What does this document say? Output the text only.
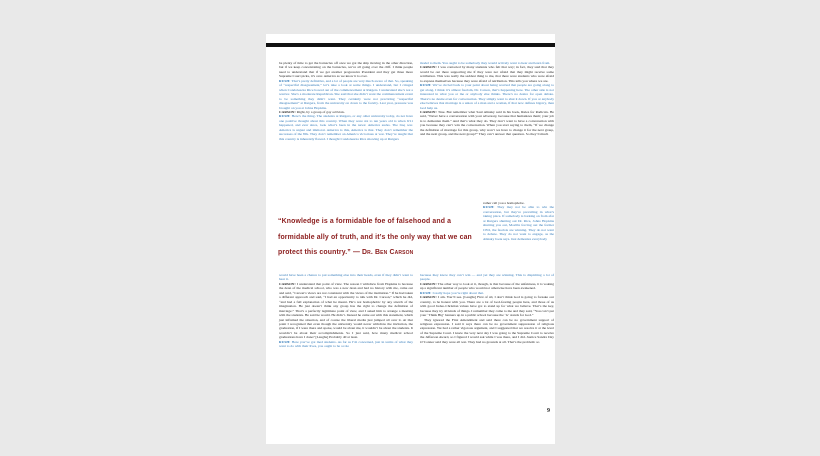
be plenty of time to get the barnacles off once we got the ship moving in the other direction, but if we keep concentrating on the barnacles, we’re all going over the cliff. I think people need to understand that if we get another progressive President and they get three more Supreme Court picks, it’s over. America as we know it is over.

RUSH: That’s pretty definitive, and a lot of people are very much aware of that. So, speaking of “respectful disagreement,” let’s take a look at some things. I understand, but I cringed when Condoleezza Rice bowed out of the commencement at Rutgers. I understand she’s not a warrior. She’s a moderate Republican. She said that she didn’t want the commencement event to be something they didn’t want. They certainly were not practicing “respectful disagreement” at Rutgers, from the university on down to the faculty. Last year, pressure was brought on you at Johns Hopkins.

CARSON: Right, by a group of gay activists.

RUSH: Here’s the thing. The students at Rutgers, or any other university today, do not have one positive thought about this country. When they were six to ten years old is when 9/11 happened, and ever since, look what’s been in the news: America sucks. The Iraq war. America is unjust and immoral. America is this, America is that. They don’t remember the successes of the 80s. They don’t remember an America victorious at war. They’re taught that this country is inherently flawed. I thought Condoleezza Rice showing up at Rutgers

“Knowledge is a formidable foe of falsehood and a formidable ally of truth, and it’s the only way that we can protect this country.” — Dr. Ben Carson

would have been a chance to put something else into their heads, even if they didn’t want to hear it.

CARSON: I understand that point of view. The reason I withdrew from Hopkins is because the dean of the medical school, who was a new dean and had no history with me, came out and said, “Carson’s views are not consistent with the views of the institution.” If he had taken a different approach and said, “I had an opportunity to talk with Dr. Carson,” which he did, “and had a full explanation of what he meant. He’s not homophobic by any stretch of the imagination. He just doesn’t think any group has the right to change the definition of marriage.” That’s a perfectly legitimate point of view, and I asked him to arrange a meeting with the students. He said he would. He didn’t. Instead he came out with this statement, which just inflamed the situation, and of course the liberal media just jumped all over it. At that point I recognized that even though the university would never withdraw the invitation, the graduation, if I were there and spoke, would be about me, it wouldn’t be about the students. It wouldn’t be about their accomplishments. So I just said, how many medical school graduations have I done? [Laughs] Probably 40 at least.

RUSH: Here you’ve got med students. As far as I’m concerned, just in terms of what they want to do with their lives, you ought to be a role

model to them. You ought to be somebody they would actively want to hear and learn from.

CARSON: I was contacted by many students who felt that way; in fact, they said that they would be out there supporting me if they were not afraid that they might receive some retribution. This was really the saddest thing to me, that there were students who were afraid to express themselves because they were afraid of retribution. This tells you where we are.

RUSH: We’ve circled back to your point about being worried that people are going along to get along. I think it’s almost fascism, Dr. Carson, that’s happening here. The other side is not interested in what you or me or anybody else thinks. There’s no desire for open debate. There’s no desire even for conversation. They simply want to shut it down. If you or anybody else believes that marriage is a union of a man and a woman, if that now defines bigotry, then God help us.

CARSON: True. But remember what Saul Alinsky said in his book, Rules for Radicals. He said, “Never have a conversation with your adversary, because that humanizes them; your job is to demonize them.” And that’s what they do. They don’t want to have a conversation with you because they can’t win the conversation. When you start saying to them, “If we change the definition of marriage for this group, why won’t we have to change it for the next group, and the next group, and the next group?” They can’t answer that question. So they’d much

rather call you a homophobe.

RUSH: They may not be able to win the conversation, but they’re prevailing in what’s taking place. If somebody is barking on from afar at Rutgers shutting out Dr. Rice, Johns Hopkins shutting you out, Mozilla forcing out the former CEO, the fascists are winning. They do not want to debate. They do not want to engage, as the Alinsky book says. Just demonize everybody

because they know they can’t win — and yet they are winning. This is dispiriting a lot of people.

CARSON: The other way to look at it, though, is that because of the unfairness, it is waking up a significant number of people who would not otherwise have been awakened.

RUSH: I really hope you’re right about that.

CARSON: I am. You’ll see. [Laughs] First of all, I don’t think God is going to forsake our country, to be honest with you. There are a lot of God-fearing people here, and those of us with good Judeo-Christian values have got to stand up for what we believe. That’s the key, because they try all kinds of things. I remember they came to me and they said, “You can’t put your ‘Think Big’ banners up in a public school because the ‘G’ stands for God.”

They ignored the First Amendment and said there can be no government support of religious expression. I said it says there can be no government suppression of religious expression. We had a rather vigorous argument, and I suggested that we resolve it at the level of the Supreme Court. I knew the very next day I was going to the Supreme Court to receive the Jefferson Award, so I figured I would ask while I was there, and I did. Justice Sandra Day O’Connor said they were all wet. They had no grounds at all. That’s the problem: so

9
